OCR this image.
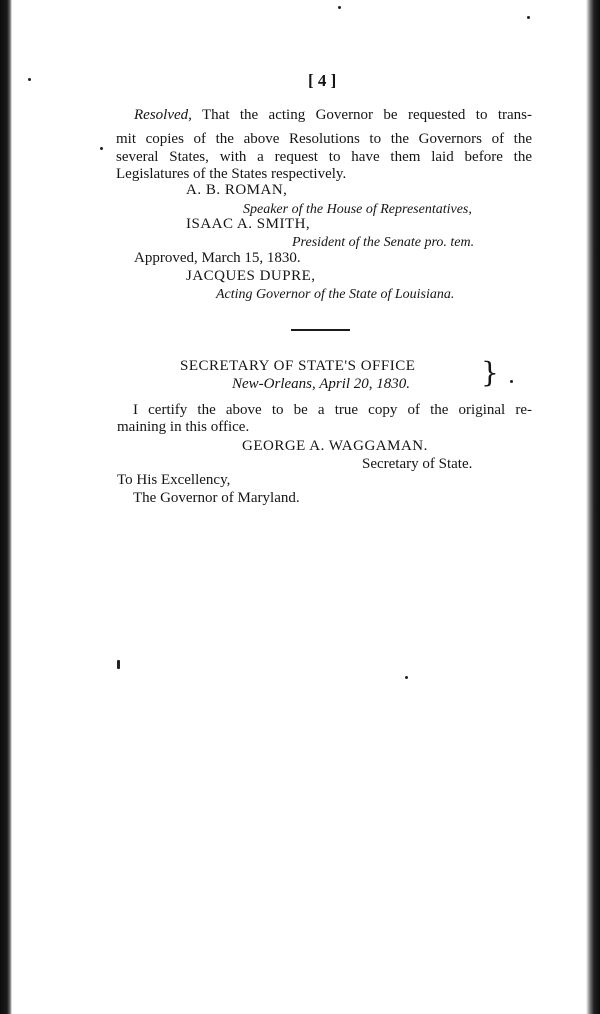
[ 4 ]
Resolved, That the acting Governor be requested to trans-
mit copies of the above Resolutions to the Governors of the
several States, with a request to have them laid before the
Legislatures of the States respectively.
A. B. ROMAN,
Speaker of the House of Representatives,
ISAAC A. SMITH,
President of the Senate pro. tem.
Approved, March 15, 1830.
JACQUES DUPRE,
Acting Governor of the State of Louisiana.
SECRETARY OF STATE'S OFFICE
New-Orleans, April 20, 1830.	}
I certify the above to be a true copy of the original re-
maining in this office.
GEORGE A. WAGGAMAN.
Secretary of State.
To His Excellency,
The Governor of Maryland.
